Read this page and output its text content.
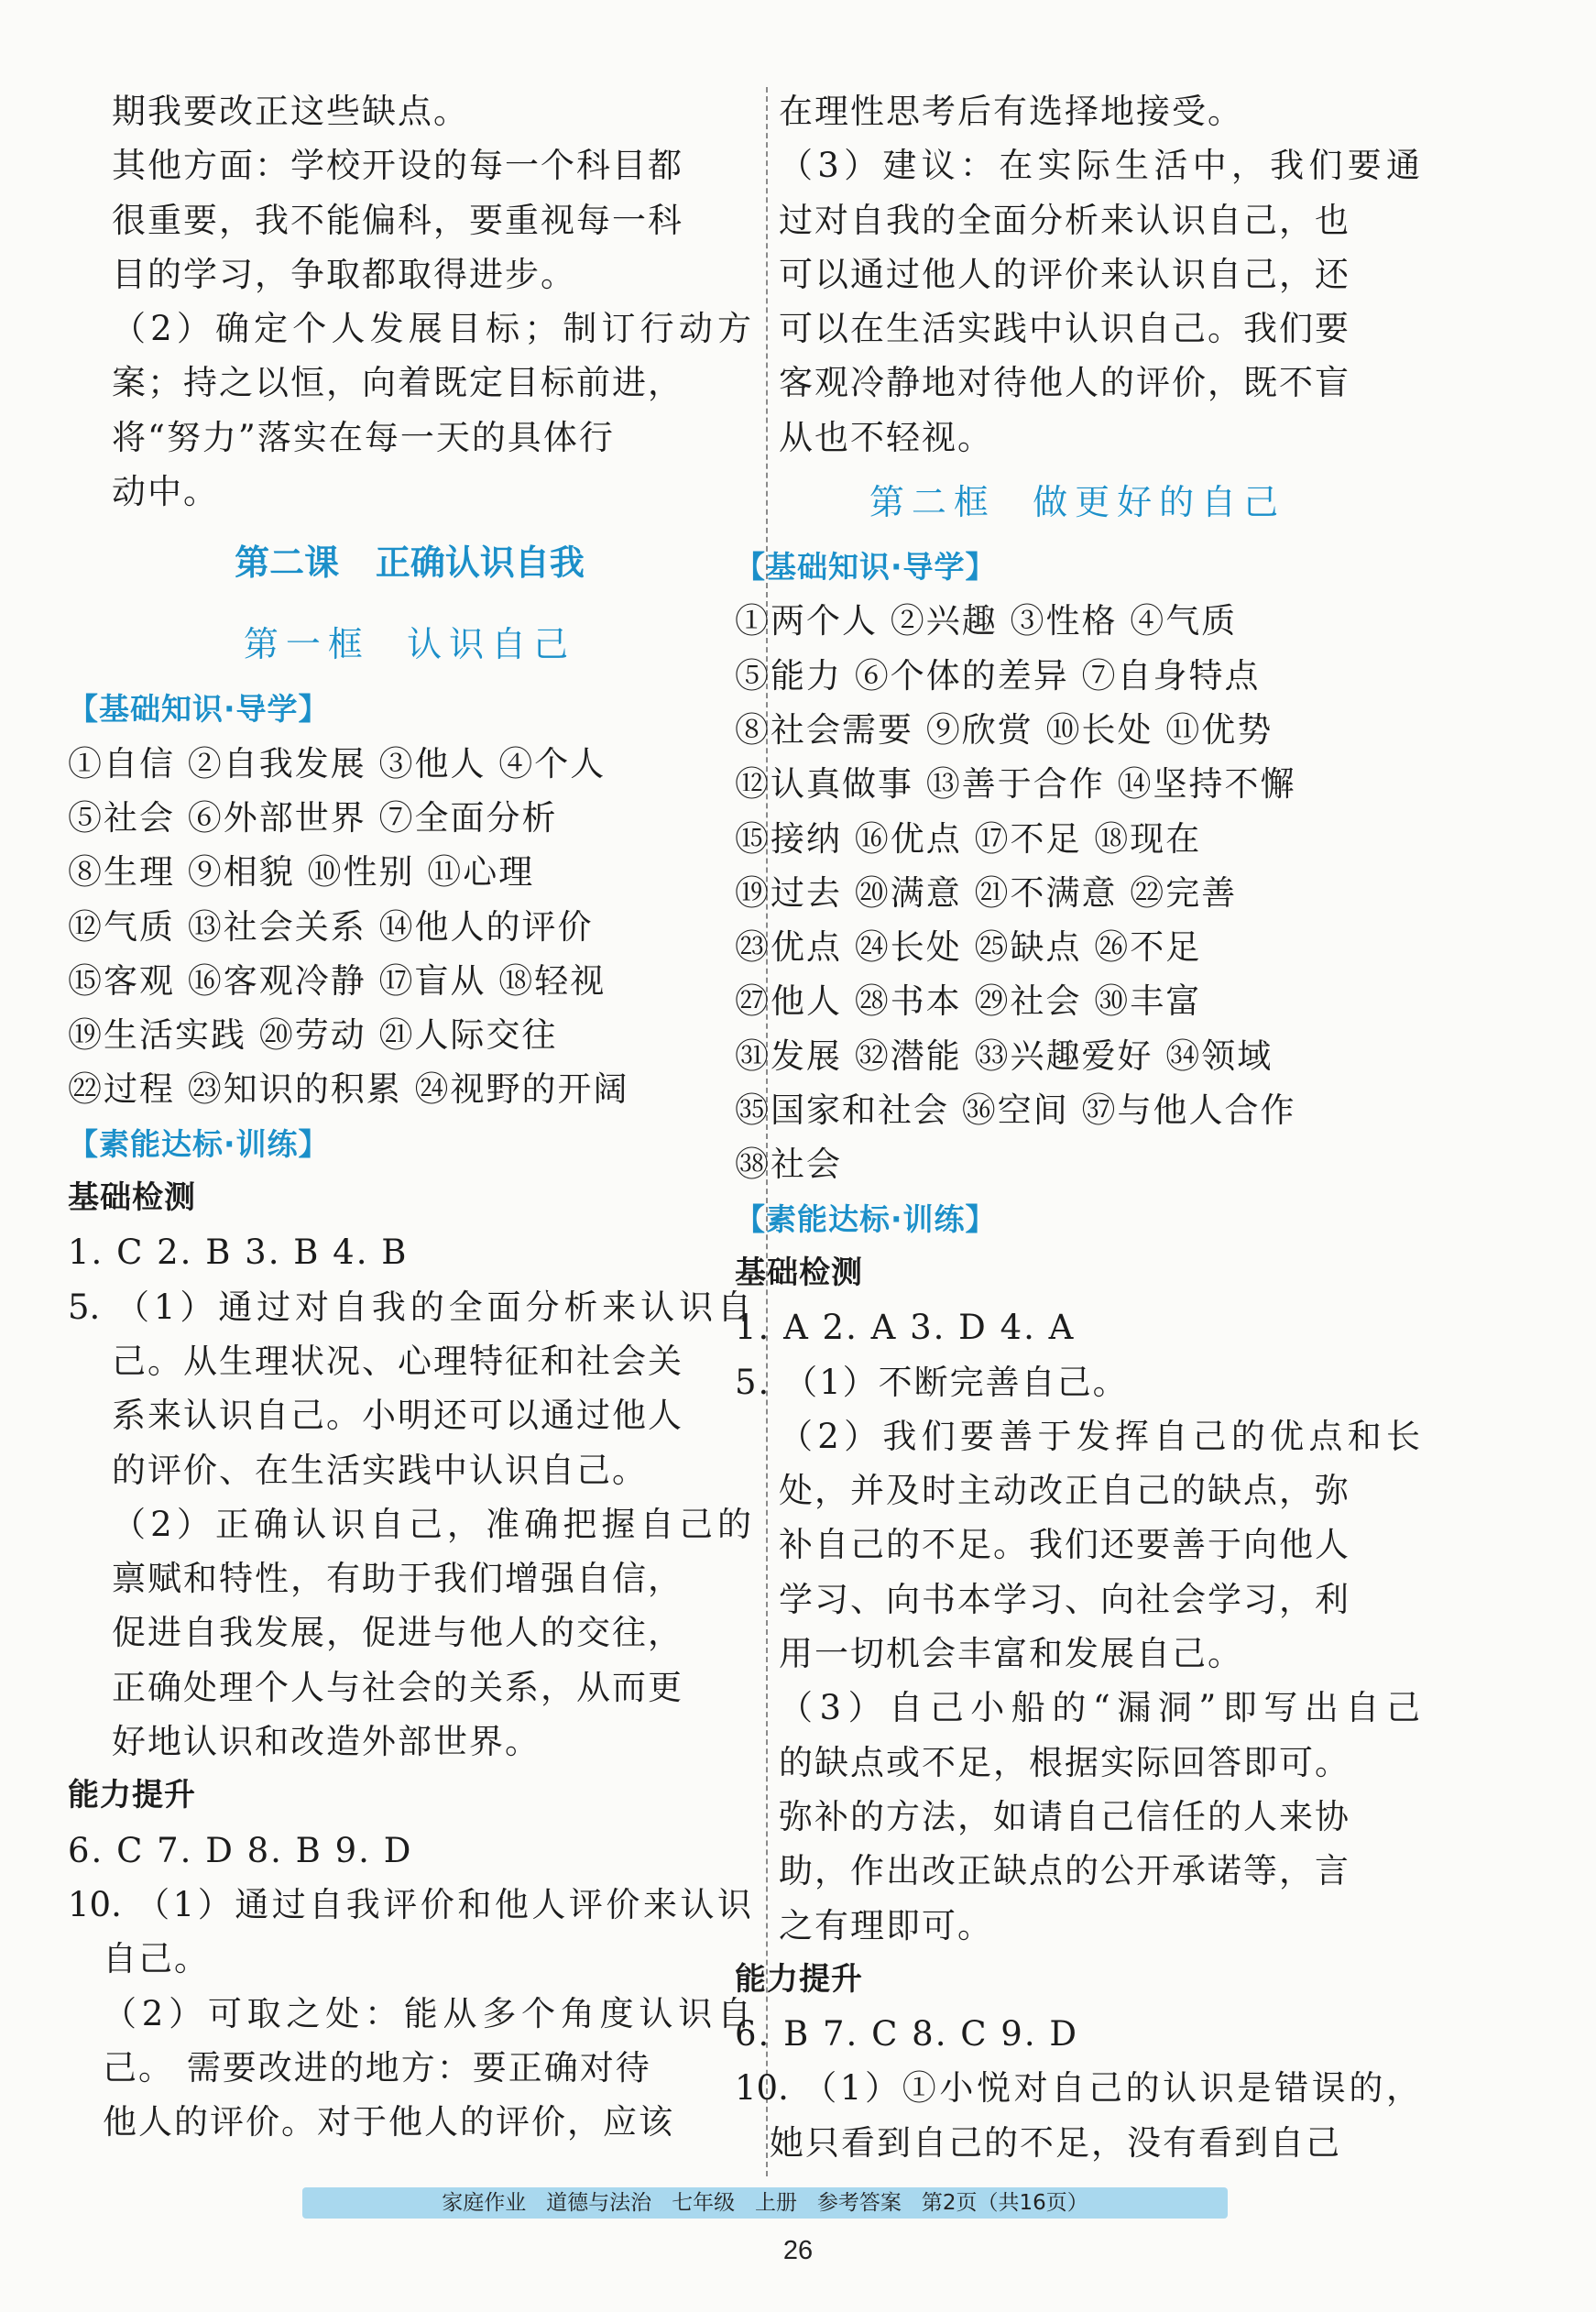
期我要改正这些缺点。
其他方面：学校开设的每一个科目都
很重要，我不能偏科，要重视每一科
目的学习，争取都取得进步。
（2）确定个人发展目标；制订行动方
案；持之以恒，向着既定目标前进，
将“努力”落实在每一天的具体行
动中。
第二课   正确认识自我
第一框  认识自己
【基础知识·导学】
①自信 ②自我发展 ③他人 ④个人
⑤社会 ⑥外部世界 ⑦全面分析
⑧生理 ⑨相貌 ⑩性别 ⑪心理
⑫气质 ⑬社会关系 ⑭他人的评价
⑮客观 ⑯客观冷静 ⑰盲从 ⑱轻视
⑲生活实践 ⑳劳动 ㉑人际交往
㉒过程 ㉓知识的积累 ㉔视野的开阔
【素能达标·训练】
基础检测
1. C 2. B 3. B 4. B
5. （1）通过对自我的全面分析来认识自
己。从生理状况、心理特征和社会关
系来认识自己。小明还可以通过他人
的评价、在生活实践中认识自己。
（2）正确认识自己，准确把握自己的
禀赋和特性，有助于我们增强自信，
促进自我发展，促进与他人的交往，
正确处理个人与社会的关系，从而更
好地认识和改造外部世界。
能力提升
6. C 7. D 8. B 9. D
10. （1）通过自我评价和他人评价来认识
自己。
（2）可取之处：能从多个角度认识自
己。 需要改进的地方：要正确对待
他人的评价。对于他人的评价，应该
在理性思考后有选择地接受。
（3）建议：在实际生活中，我们要通
过对自我的全面分析来认识自己，也
可以通过他人的评价来认识自己，还
可以在生活实践中认识自己。我们要
客观冷静地对待他人的评价，既不盲
从也不轻视。
第二框  做更好的自己
【基础知识·导学】
①两个人 ②兴趣 ③性格 ④气质
⑤能力 ⑥个体的差异 ⑦自身特点
⑧社会需要 ⑨欣赏 ⑩长处 ⑪优势
⑫认真做事 ⑬善于合作 ⑭坚持不懈
⑮接纳 ⑯优点 ⑰不足 ⑱现在
⑲过去 ⑳满意 ㉑不满意 ㉒完善
㉓优点 ㉔长处 ㉕缺点 ㉖不足
㉗他人 ㉘书本 ㉙社会 ㉚丰富
㉛发展 ㉜潜能 ㉝兴趣爱好 ㉞领域
㉟国家和社会 ㊱空间 ㊲与他人合作
㊳社会
【素能达标·训练】
基础检测
1. A 2. A 3. D 4. A
5. （1）不断完善自己。
（2）我们要善于发挥自己的优点和长
处，并及时主动改正自己的缺点，弥
补自己的不足。我们还要善于向他人
学习、向书本学习、向社会学习，利
用一切机会丰富和发展自己。
（3）自己小船的“漏洞”即写出自己
的缺点或不足，根据实际回答即可。
弥补的方法，如请自己信任的人来协
助，作出改正缺点的公开承诺等，言
之有理即可。
能力提升
6. B 7. C 8. C 9. D
10. （1）①小悦对自己的认识是错误的，
她只看到自己的不足，没有看到自己
家庭作业   道德与法治   七年级   上册   参考答案   第2页（共16页）
26
